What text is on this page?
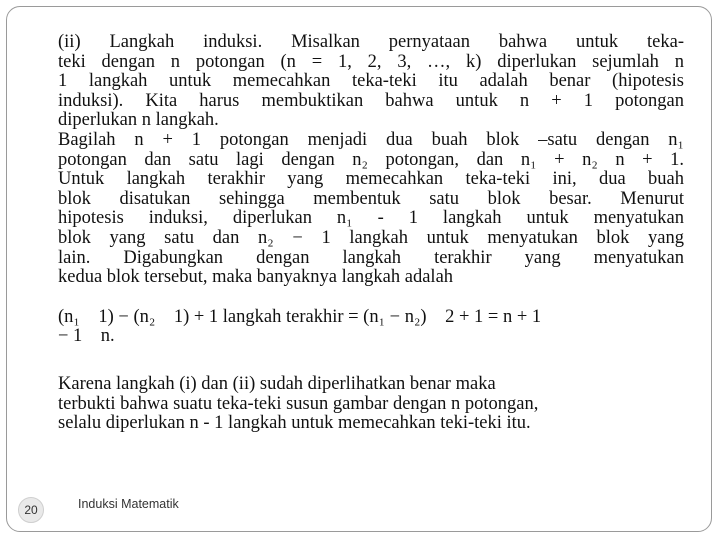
(ii) Langkah induksi. Misalkan pernyataan bahwa untuk teka-
teki dengan n potongan (n = 1, 2, 3, …, k) diperlukan sejumlah n
1 langkah untuk memecahkan teka-teki itu adalah benar (hipotesis
induksi). Kita harus membuktikan bahwa untuk n + 1 potongan
diperlukan n langkah.
Bagilah n + 1 potongan menjadi dua buah blok –satu dengan n₁
potongan dan satu lagi dengan n₂ potongan, dan n₁ + n₂ n + 1.
Untuk langkah terakhir yang memecahkan teka-teki ini, dua buah
blok disatukan sehingga membentuk satu blok besar. Menurut
hipotesis induksi, diperlukan n₁ - 1 langkah untuk menyatukan
blok yang satu dan n₂ − 1 langkah untuk menyatukan blok yang
lain. Digabungkan dengan langkah terakhir yang menyatukan
kedua blok tersebut, maka banyaknya langkah adalah
(n₁    1) − (n₂    1) + 1 langkah terakhir = (n₁ − n₂)    2 + 1 = n + 1
− 1    n.
Karena langkah (i) dan (ii) sudah diperlihatkan benar maka
terbukti bahwa suatu teka-teki susun gambar dengan n potongan,
selalu diperlukan n - 1 langkah untuk memecahkan teki-teki itu.
20	Induksi Matematik
